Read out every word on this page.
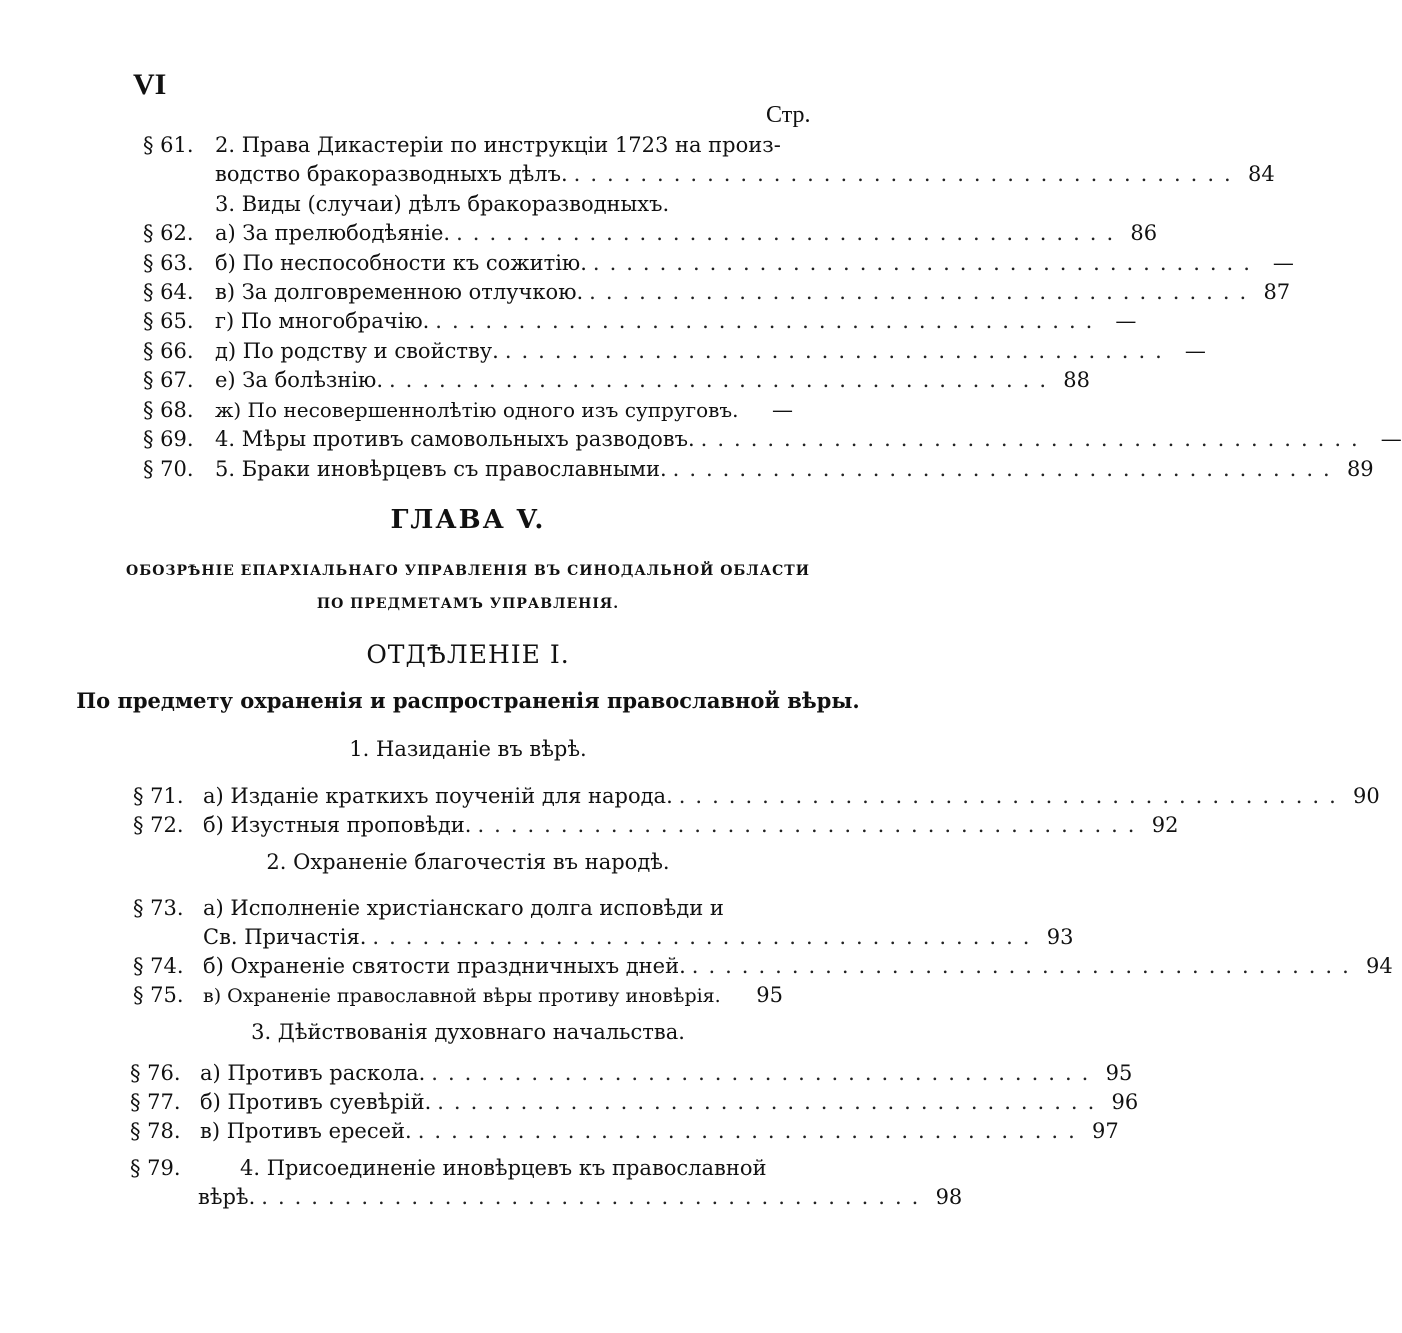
VI
Стр.
§ 61.	2. Права Дикастеріи по инструкціи 1723 на произ-
водство бракоразводныхъ дѣлъ. ........................................ 84
3. Виды (случаи) дѣлъ бракоразводныхъ.
§ 62.	а) За прелюбодѣяніе. ........................................ 86
§ 63.	б) По неспособности къ сожитію. ........................................ —
§ 64.	в) За долговременною отлучкою. ........................................ 87
§ 65.	г) По многобрачію. ........................................ —
§ 66.	д) По родству и свойству. ........................................ —
§ 67.	е) За болѣзнію. ........................................ 88
§ 68.	ж) По несовершеннолѣтію одного изъ супруговъ.	—
§ 69.	4. Мѣры противъ самовольныхъ разводовъ. ........................................ —
§ 70.	5. Браки иновѣрцевъ съ православными. ........................................ 89
ГЛАВА V.
ОБОЗРѢНІЕ ЕПАРХІАЛЬНАГО УПРАВЛЕНІЯ ВЪ СИНОДАЛЬНОЙ ОБЛАСТИ
ПО ПРЕДМЕТАМЪ УПРАВЛЕНІЯ.
ОТДѢЛЕНІЕ I.
По предмету охраненія и распространенія православной вѣры.
1. Назиданіе въ вѣрѣ.
§ 71. а) Изданіе краткихъ поученій для народа. ........................................ 90
§ 72. б) Изустныя проповѣди. ........................................ 92
2. Охраненіе благочестія въ народѣ.
§ 73. а) Исполненіе христіанскаго долга исповѣди и
Св. Причастія. ........................................ 93
§ 74. б) Охраненіе святости праздничныхъ дней. ........................................ 94
§ 75.	в) Охраненіе православной вѣры противу иновѣрія. 95
3. Дѣйствованія духовнаго начальства.
§ 76. а) Противъ раскола. ........................................ 95
§ 77. б) Противъ суевѣрій. ........................................ 96
§ 78. в) Противъ ересей. ........................................ 97
§ 79.	4. Присоединеніе иновѣрцевъ къ православной
вѣрѣ. ........................................ 98
